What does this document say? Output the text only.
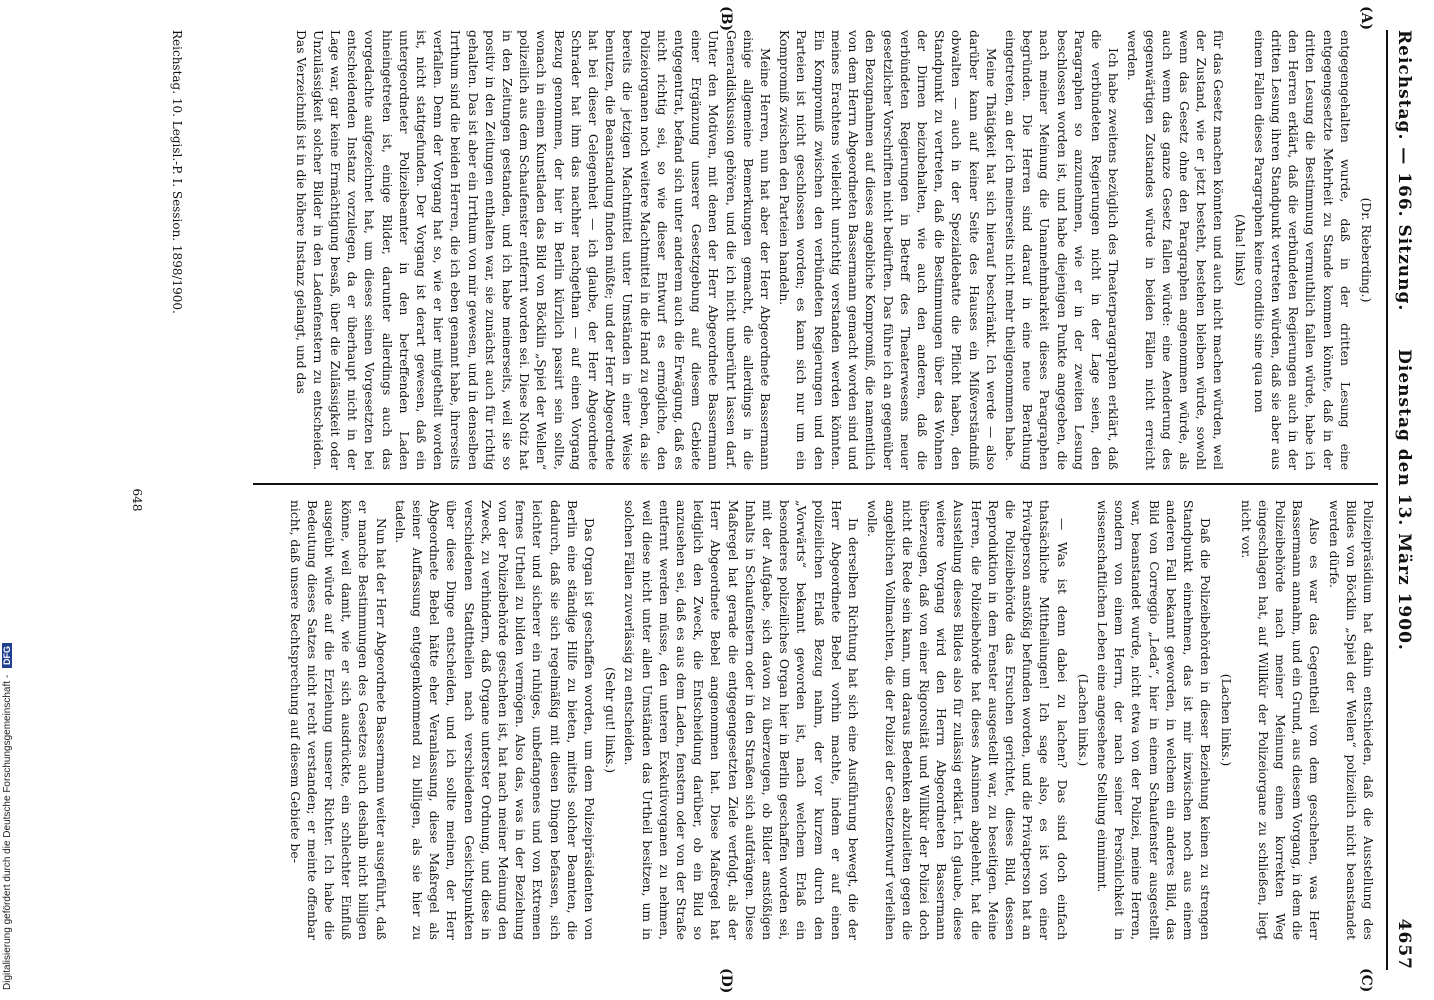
Reichstag. — 166. Sitzung.
Dienstag den 13. März 1900.
4657
(A)
(B)
(C)
(D)

(Dr. Rieberding.)

entgegengehalten wurde, daß in der dritten Lesung eine entgegengesetzte Mehrheit zu Stande kommen könnte, daß in der dritten Lesung die Bestimmung vermuthlich fallen würde, habe ich den Herren erklärt, daß die verbündeten Regierungen auch in der dritten Lesung ihren Standpunkt vertreten würden, daß sie aber aus einem Fallen dieses Paragraphen keine conditio sine qua non

(Aha! links)

für das Gesetz machen könnten und auch nicht machen würden, weil der Zustand, wie er jetzt besteht, bestehen bleiben würde, sowohl wenn das Gesetz ohne den Paragraphen angenommen würde, als auch wenn das ganze Gesetz fallen würde: eine Aenderung des gegenwärtigen Zustandes würde in beiden Fällen nicht erreicht werden.

Ich habe zweitens bezüglich des Theaterparagraphen erklärt, daß die verbündeten Regierungen nicht in der Lage seien, den Paragraphen so anzunehmen, wie er in der zweiten Lesung beschlossen worden ist, und habe diejenigen Punkte angegeben, die nach meiner Meinung die Unannehmbarkeit dieses Paragraphen begründen. Die Herren sind darauf in eine neue Berathung eingetreten, an der ich meinerseits nicht mehr theilgenommen habe.

Meine Thätigkeit hat sich hierauf beschränkt. Ich werde — also darüber kann auf keiner Seite des Hauses ein Mißverständniß obwalten — auch in der Spezialdebatte die Pflicht haben, den Standpunkt zu vertreten, daß die Bestimmungen über das Wohnen der Dirnen beizubehalten, wie auch den anderen, daß die verbündeten Regierungen in Betreff des Theaterwesens neuer gesetzlicher Vorschriften nicht bedürften. Das führe ich an gegenüber den Bezugnahmen auf dieses angebliche Kompromiß, die namentlich von dem Herrn Abgeordneten Bassermann gemacht worden sind und meines Erachtens vielleicht unrichtig verstanden werden könnten. Ein Kompromiß zwischen den verbündeten Regierungen und den Parteien ist nicht geschlossen worden; es kann sich nur um ein Kompromiß zwischen den Parteien handeln.

Meine Herren, nun hat aber der Herr Abgeordnete Bassermann einige allgemeine Bemerkungen gemacht, die allerdings in die Generaldiskussion gehören, und die ich nicht unberührt lassen darf. Unter den Motiven, mit denen der Herr Abgeordnete Bassermann einer Ergänzung unserer Gesetzgebung auf diesem Gebiete entgegentrat, befand sich unter anderem auch die Erwägung, daß es nicht richtig sei, so wie dieser Entwurf es ermögliche, den Polizeiorganen noch weitere Machtmittel in die Hand zu geben, da sie bereits die jetzigen Machtmittel unter Umständen in einer Weise benutzen, die Beanstandung finden müßte; und der Herr Abgeordnete hat bei dieser Gelegenheit — ich glaube, der Herr Abgeordnete Schrader hat ihm das nachher nachgethan — auf einen Vorgang Bezug genommen, der hier in Berlin kürzlich passirt sein sollte, wonach in einem Kunstladen das Bild von Böcklin „Spiel der Wellen“ polizeilich aus dem Schaufenster entfernt worden sei. Diese Notiz hat in den Zeitungen gestanden, und ich habe meinerseits, weil sie so positiv in den Zeitungen enthalten war, sie zunächst auch für richtig gehalten. Das ist aber ein Irrthum von mir gewesen, und in denselben Irrthum sind die beiden Herren, die ich eben genannt habe, ihrerseits verfallen. Denn der Vorgang hat so, wie er hier mitgetheilt worden ist, nicht stattgefunden. Der Vorgang ist derart gewesen, daß ein untergeordneter Polizeibeamter in den betreffenden Laden hineingetreten ist, einige Bilder, darunter allerdings auch das vorgedachte aufgezeichnet hat, um dieses seinen Vorgesetzten bei entscheidenden Instanz vorzulegen, da er überhaupt nicht in der Lage war, gar keine Ermächtigung besaß, über die Zulässigkeit oder Unzulässigkeit solcher Bilder in den Ladenfenstern zu entscheiden. Das Verzeichniß ist in die höhere Instanz gelangt, und das

Polizeipräsidium hat dahin entschieden, daß die Ausstellung des Bildes von Böcklin „Spiel der Wellen“ polizeilich nicht beanstandet werden dürfe.

Also es war das Gegentheil von dem geschehen, was Herr Bassermann annahm, und ein Grund, aus diesem Vorgang, in dem die Polizeibehörde nach meiner Meinung einen korrekten Weg eingeschlagen hat, auf Willkür der Polizeiorgane zu schließen, liegt nicht vor.

(Lachen links.)

Daß die Polizeibehörden in dieser Beziehung keinen zu strengen Standpunkt einnehmen, das ist mir inzwischen noch aus einem anderen Fall bekannt geworden, in welchem ein anderes Bild, das Bild von Correggio „Leda“, hier in einem Schaufenster ausgestellt war, beanstandet wurde, nicht etwa von der Polizei, meine Herren, sondern von einem Herrn, der nach seiner Persönlichkeit in wissenschaftlichen Leben eine angesehene Stellung einnimmt.

(Lachen links.)

— Was ist denn dabei zu lachen? Das sind doch einfach thatsächliche Mittheilungen! Ich sage also, es ist von einer Privatperson anstößig befunden worden, und die Privatperson hat an die Polizeibehörde das Ersuchen gerichtet, dieses Bild, dessen Reproduktion in dem Fenster ausgestellt war, zu beseitigen. Meine Herren, die Polizeibehörde hat dieses Ansinnen abgelehnt, hat die Ausstellung dieses Bildes also für zulässig erklärt. Ich glaube, diese weitere Vorgang wird den Herrn Abgeordneten Bassermann überzeugen, daß von einer Rigorosität und Willkür der Polizei doch nicht die Rede sein kann, um daraus Bedenken abzuleiten gegen die angeblichen Vollmachten, die der Polizei der Gesetzentwurf verleihen wolle.

In derselben Richtung hat sich eine Ausführung bewegt, die der Herr Abgeordnete Bebel vorhin machte, indem er auf einen polizeilichen Erlaß Bezug nahm, der vor kurzem durch den „Vorwärts“ bekannt geworden ist, nach welchem Erlaß ein besonderes polizeiliches Organ hier in Berlin geschaffen worden sei, mit der Aufgabe, sich davon zu überzeugen, ob Bilder anstößigen Inhalts in Schaufenstern oder in den Straßen sich aufdrängen. Diese Maßregel hat gerade die entgegengesetzten Ziele verfolgt, als der Herr Abgeordnete Bebel angenommen hat. Diese Maßregel hat lediglich den Zweck, die Entscheidung darüber, ob ein Bild so anzusehen sei, daß es aus dem Laden, fenstern oder von der Straße entfernt werden müsse, den unteren Exekutivorganen zu nehmen, weil diese nicht unter allen Umständen das Urtheil besitzen, um in solchen Fällen zuverlässig zu entscheiden.

(Sehr gut! links.)

Das Organ ist geschaffen worden, um dem Polizeipräsidenten von Berlin eine ständige Hilfe zu bieten, mittels solcher Beamten, die dadurch, daß sie sich regelmäßig mit diesen Dingen befassen, sich leichter und sicherer ein ruhiges, unbefangenes und von Extremen fernes Urtheil zu bilden vermögen. Also das, was in der Beziehung von der Polizeibehörde geschehen ist, hat nach meiner Meinung den Zweck, zu verhindern, daß Organe unterster Ordnung, und diese in verschiedenen Stadttheilen nach verschiedenen Gesichtspunkten über diese Dinge entscheiden, und ich sollte meinen, der Herr Abgeordnete Bebel hätte eher Veranlassung, diese Maßregel als seiner Auffassung entgegenkommend zu billigen, als sie hier zu tadeln.

Nun hat der Herr Abgeordnete Bassermann weiter ausgeführt, daß er manche Bestimmungen des Gesetzes auch deshalb nicht billigen könne, weil damit, wie er sich ausdrückte, ein schlechter Einfluß ausgeübt würde auf die Erziehung unserer Richter. Ich habe die Bedeutung dieses Satzes nicht recht verstanden; er meinte offenbar nicht, daß unsere Rechtsprechung auf diesem Gebiete be-

Reichstag. 10. Legisl.-P. I. Session. 1898/1900.
648
Digitalisierung gefördert durch die Deutsche Forschungsgemeinschaft - DFG
